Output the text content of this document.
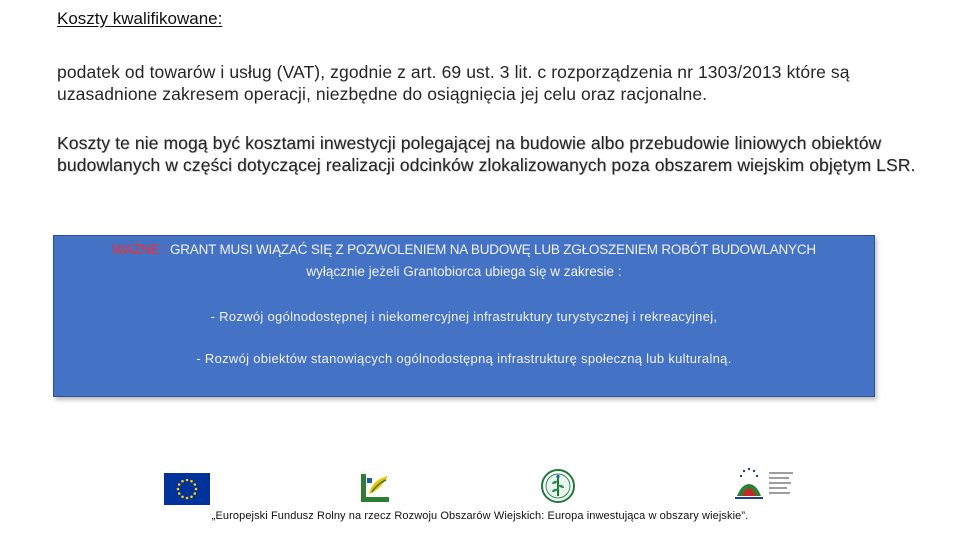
Koszty kwalifikowane:
podatek od towarów i usług (VAT), zgodnie z art. 69 ust. 3 lit. c rozporządzenia nr 1303/2013 które są uzasadnione zakresem operacji, niezbędne do osiągnięcia jej celu oraz racjonalne.
Koszty te nie mogą być kosztami inwestycji polegającej na budowie albo przebudowie liniowych obiektów budowlanych w części dotyczącej realizacji odcinków zlokalizowanych poza obszarem wiejskim objętym LSR.
WAŻNE : GRANT MUSI WIĄZAĆ SIĘ Z POZWOLENIEM NA BUDOWĘ LUB ZGŁOSZENIEM ROBÓT BUDOWLANYCH
wyłącznie jeżeli Grantobiorca ubiega się w zakresie :
- Rozwój ogólnodostępnej i niekomercyjnej infrastruktury turystycznej i rekreacyjnej,
- Rozwój obiektów stanowiących ogólnodostępną infrastrukturę społeczną lub kulturalną.
„Europejski Fundusz Rolny na rzecz Rozwoju Obszarów Wiejskich: Europa inwestująca w obszary wiejskie”.
